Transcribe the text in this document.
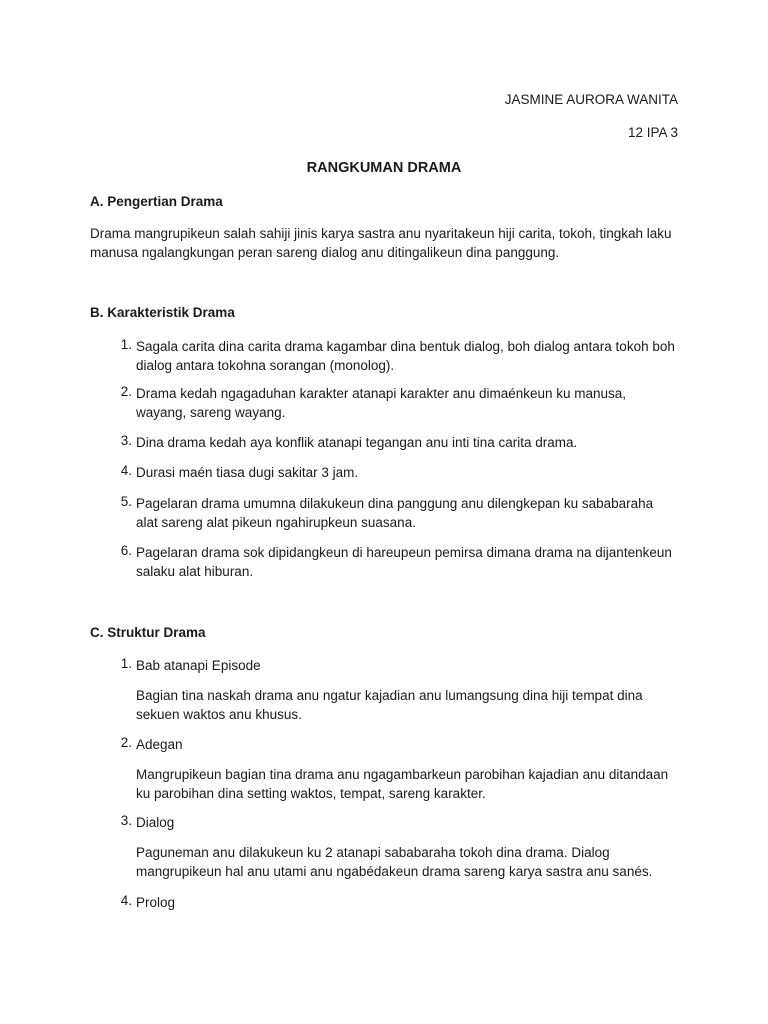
JASMINE AURORA WANITA
12 IPA 3
RANGKUMAN DRAMA
A. Pengertian Drama
Drama mangrupikeun salah sahiji jinis karya sastra anu nyaritakeun hiji carita, tokoh, tingkah laku manusa ngalangkungan peran sareng dialog anu ditingalikeun dina panggung.
B. Karakteristik Drama
1. Sagala carita dina carita drama kagambar dina bentuk dialog, boh dialog antara tokoh boh dialog antara tokohna sorangan (monolog).
2. Drama kedah ngagaduhan karakter atanapi karakter anu dimaénkeun ku manusa, wayang, sareng wayang.
3. Dina drama kedah aya konflik atanapi tegangan anu inti tina carita drama.
4. Durasi maén tiasa dugi sakitar 3 jam.
5. Pagelaran drama umumna dilakukeun dina panggung anu dilengkepan ku sababaraha alat sareng alat pikeun ngahirupkeun suasana.
6. Pagelaran drama sok dipidangkeun di hareupeun pemirsa dimana drama na dijantenkeun salaku alat hiburan.
C. Struktur Drama
1. Bab atanapi Episode
Bagian tina naskah drama anu ngatur kajadian anu lumangsung dina hiji tempat dina sekuen waktos anu khusus.
2. Adegan
Mangrupikeun bagian tina drama anu ngagambarkeun parobihan kajadian anu ditandaan ku parobihan dina setting waktos, tempat, sareng karakter.
3. Dialog
Paguneman anu dilakukeun ku 2 atanapi sababaraha tokoh dina drama. Dialog mangrupikeun hal anu utami anu ngabédakeun drama sareng karya sastra anu sanés.
4. Prolog
